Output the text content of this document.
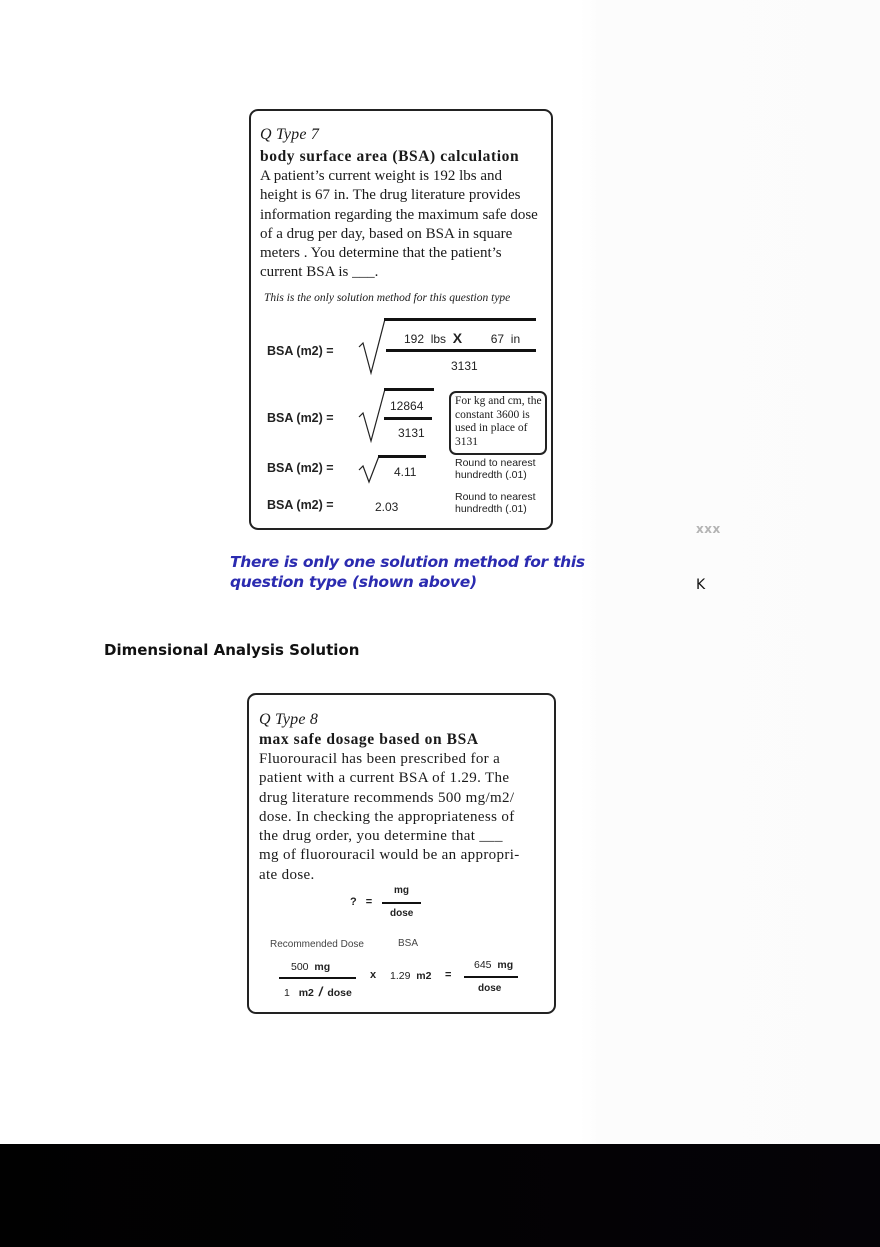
Q Type 7
body surface area (BSA) calculation
A patient’s current weight is 192 lbs and
height is 67 in. The drug literature provides
information regarding the maximum safe dose
of a drug per day, based on BSA in square
meters . You determine that the patient’s
current BSA is ___.
This is the only solution method for this question type
BSA (m2) =
192 lbs X 67 in
3131
BSA (m2) =
12864
3131
For kg and cm, the
constant 3600 is
used in place of
3131
BSA (m2) =	4.11
Round to nearest
hundredth (.01)
BSA (m2) =	2.03
Round to nearest
hundredth (.01)
There is only one solution method for this
question type (shown above)
xxx
K
Dimensional Analysis Solution
Q Type 8
max safe dosage based on BSA
Fluorouracil has been prescribed for a
patient with a current BSA of 1.29. The
drug literature recommends 500 mg/m2/
dose. In checking the appropriateness of
the drug order, you determine that ___
mg of fluorouracil would be an appropri-
ate dose.
? =
mg
dose
Recommended Dose	BSA
500 mg
1 m2 / dose
x 1.29 m2 =
645 mg
dose
